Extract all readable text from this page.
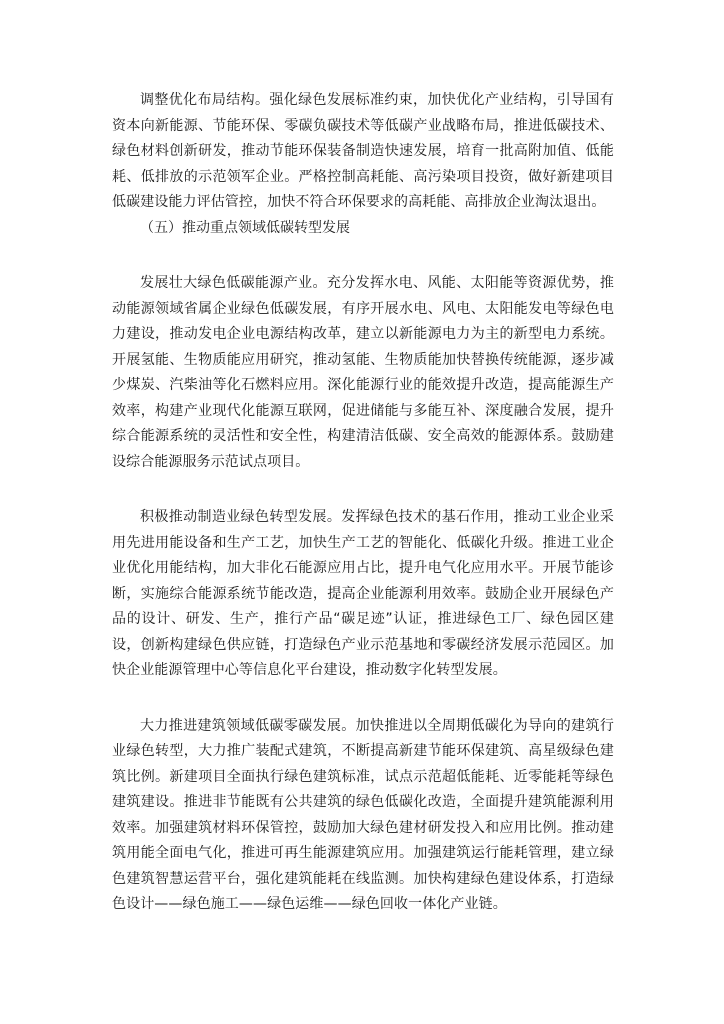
调整优化布局结构。强化绿色发展标准约束，加快优化产业结构，引导国有资本向新能源、节能环保、零碳负碳技术等低碳产业战略布局，推进低碳技术、绿色材料创新研发，推动节能环保装备制造快速发展，培育一批高附加值、低能耗、低排放的示范领军企业。严格控制高耗能、高污染项目投资，做好新建项目低碳建设能力评估管控，加快不符合环保要求的高耗能、高排放企业淘汰退出。

（五）推动重点领域低碳转型发展

发展壮大绿色低碳能源产业。充分发挥水电、风能、太阳能等资源优势，推动能源领域省属企业绿色低碳发展，有序开展水电、风电、太阳能发电等绿色电力建设，推动发电企业电源结构改革，建立以新能源电力为主的新型电力系统。开展氢能、生物质能应用研究，推动氢能、生物质能加快替换传统能源，逐步减少煤炭、汽柴油等化石燃料应用。深化能源行业的能效提升改造，提高能源生产效率，构建产业现代化能源互联网，促进储能与多能互补、深度融合发展，提升综合能源系统的灵活性和安全性，构建清洁低碳、安全高效的能源体系。鼓励建设综合能源服务示范试点项目。

积极推动制造业绿色转型发展。发挥绿色技术的基石作用，推动工业企业采用先进用能设备和生产工艺，加快生产工艺的智能化、低碳化升级。推进工业企业优化用能结构，加大非化石能源应用占比，提升电气化应用水平。开展节能诊断，实施综合能源系统节能改造，提高企业能源利用效率。鼓励企业开展绿色产品的设计、研发、生产，推行产品“碳足迹”认证，推进绿色工厂、绿色园区建设，创新构建绿色供应链，打造绿色产业示范基地和零碳经济发展示范园区。加快企业能源管理中心等信息化平台建设，推动数字化转型发展。

大力推进建筑领域低碳零碳发展。加快推进以全周期低碳化为导向的建筑行业绿色转型，大力推广装配式建筑，不断提高新建节能环保建筑、高星级绿色建筑比例。新建项目全面执行绿色建筑标准，试点示范超低能耗、近零能耗等绿色建筑建设。推进非节能既有公共建筑的绿色低碳化改造，全面提升建筑能源利用效率。加强建筑材料环保管控，鼓励加大绿色建材研发投入和应用比例。推动建筑用能全面电气化，推进可再生能源建筑应用。加强建筑运行能耗管理，建立绿色建筑智慧运营平台，强化建筑能耗在线监测。加快构建绿色建设体系，打造绿色设计——绿色施工——绿色运维——绿色回收一体化产业链。
